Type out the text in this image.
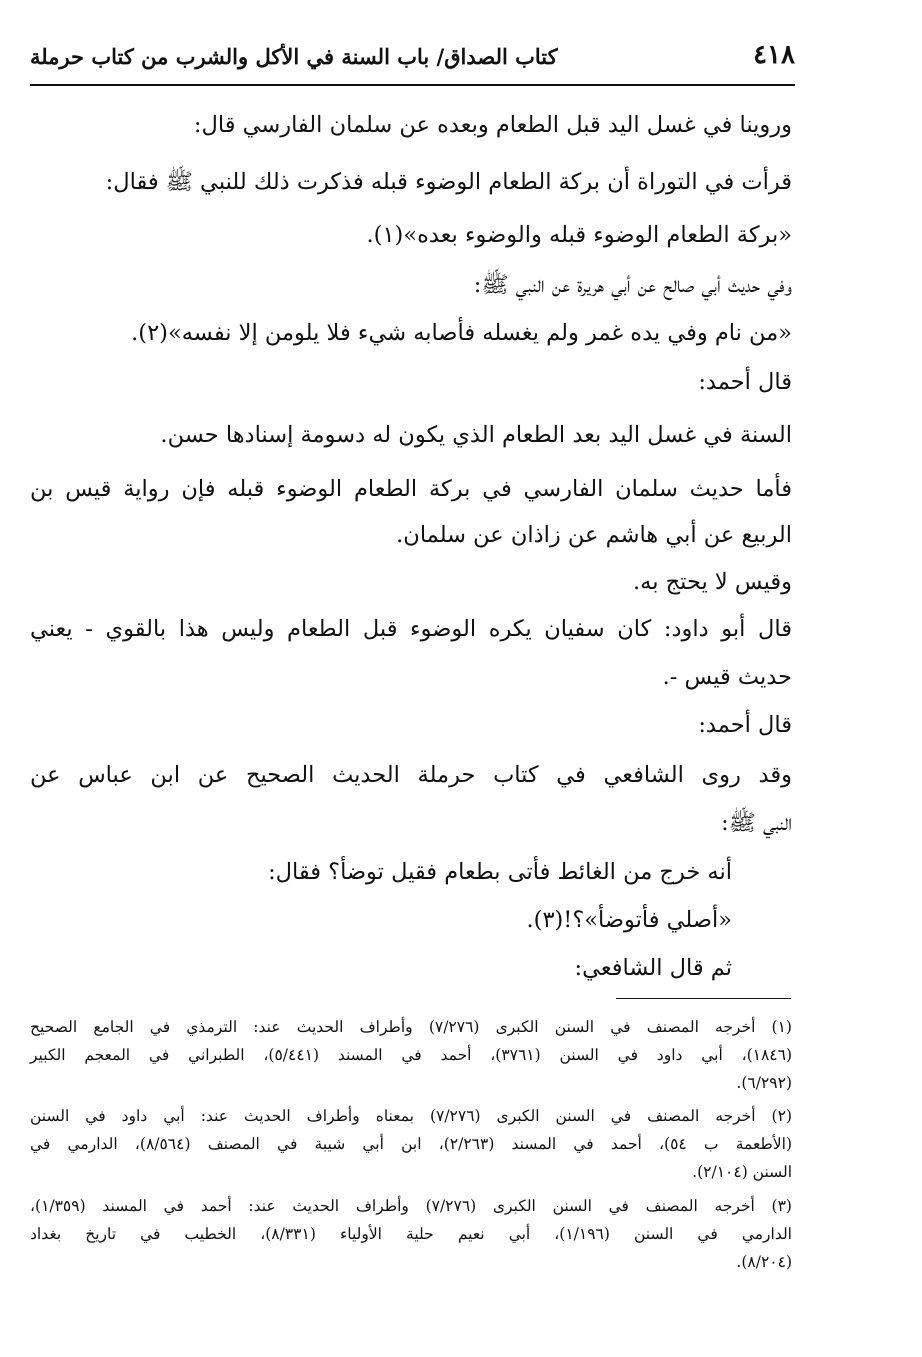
٤١٨
كتاب الصداق/ باب السنة في الأكل والشرب من كتاب حرملة
وروينا في غسل اليد قبل الطعام وبعده عن سلمان الفارسي قال:
قرأت في التوراة أن بركة الطعام الوضوء قبله فذكرت ذلك للنبي ﷺ فقال:
«بركة الطعام الوضوء قبله والوضوء بعده»(١).
وفي حديث أبي صالح عن أبي هريرة عن النبي ﷺ:
«من نام وفي يده غمر ولم يغسله فأصابه شيء فلا يلومن إلا نفسه»(٢).
قال أحمد:
السنة في غسل اليد بعد الطعام الذي يكون له دسومة إسنادها حسن.
فأما حديث سلمان الفارسي في بركة الطعام الوضوء قبله فإن رواية قيس بن
الربيع عن أبي هاشم عن زاذان عن سلمان.
وقيس لا يحتج به.
قال أبو داود: كان سفيان يكره الوضوء قبل الطعام وليس هذا بالقوي - يعني
حديث قيس -.
قال أحمد:
وقد روى الشافعي في كتاب حرملة الحديث الصحيح عن ابن عباس عن
النبي ﷺ:
أنه خرج من الغائط فأتى بطعام فقيل توضأ؟ فقال:
«أصلي فأتوضأ»؟!(٣).
ثم قال الشافعي:
(١) أخرجه المصنف في السنن الكبرى (٧/٢٧٦) وأطراف الحديث عند: الترمذي في الجامع الصحيح
(١٨٤٦)، أبي داود في السنن (٣٧٦١)، أحمد في المسند (٥/٤٤١)، الطبراني في المعجم الكبير
(٦/٢٩٢).
(٢) أخرجه المصنف في السنن الكبرى (٧/٢٧٦) بمعناه وأطراف الحديث عند: أبي داود في السنن
(الأطعمة ب ٥٤)، أحمد في المسند (٢/٢٦٣)، ابن أبي شيبة في المصنف (٨/٥٦٤)، الدارمي في
السنن (٢/١٠٤).
(٣) أخرجه المصنف في السنن الكبرى (٧/٢٧٦) وأطراف الحديث عند: أحمد في المسند (١/٣٥٩)،
الدارمي في السنن (١/١٩٦)، أبي نعيم حلية الأولياء (٨/٣٣١)، الخطيب في تاريخ بغداد
(٨/٢٠٤).
